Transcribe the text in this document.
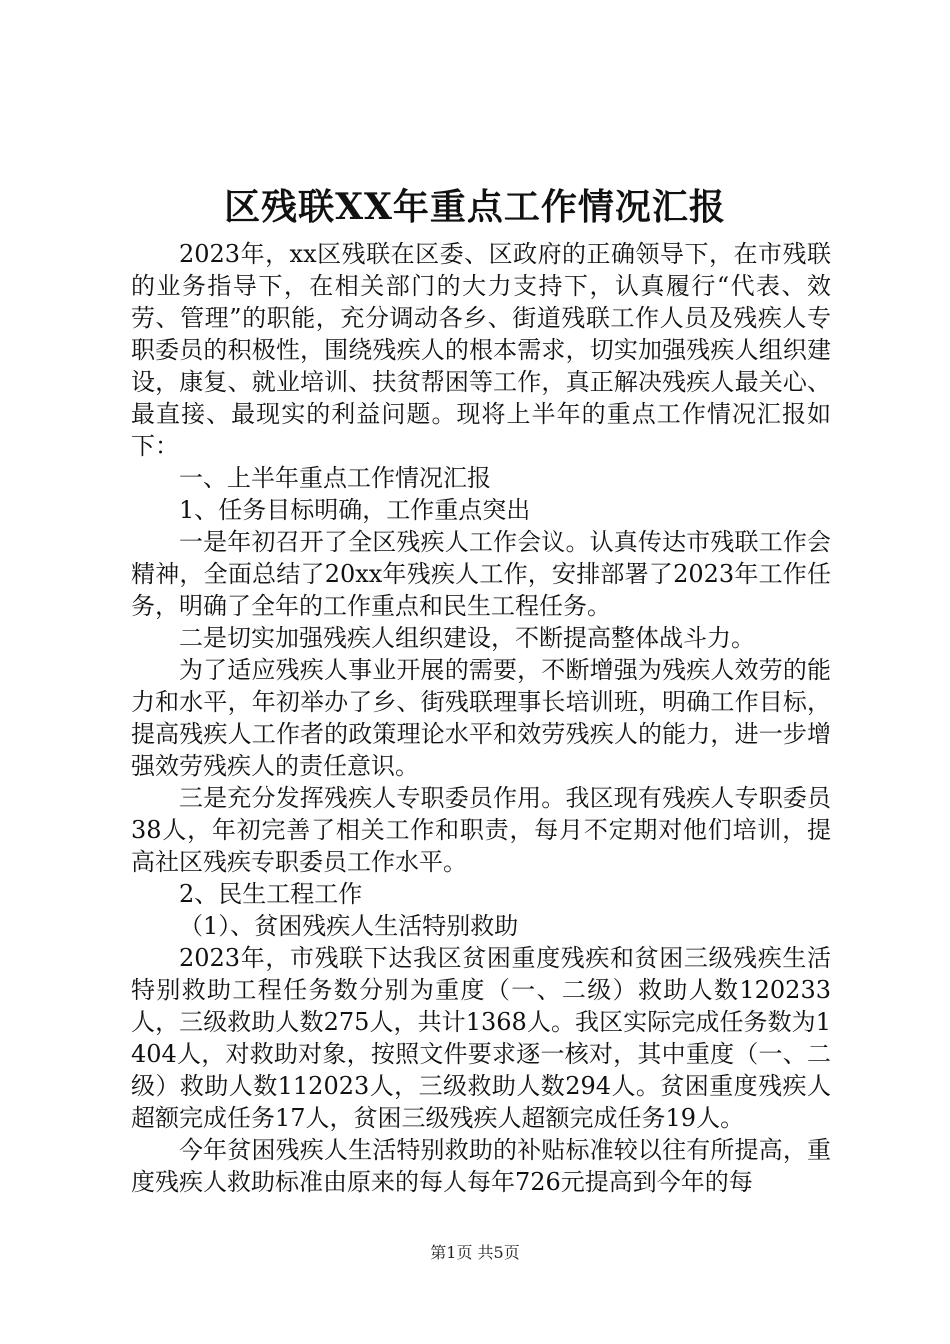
区残联XX年重点工作情况汇报

2023年，xx区残联在区委、区政府的正确领导下，在市残联的业务指导下，在相关部门的大力支持下，认真履行“代表、效劳、管理”的职能，充分调动各乡、街道残联工作人员及残疾人专职委员的积极性，围绕残疾人的根本需求，切实加强残疾人组织建设，康复、就业培训、扶贫帮困等工作，真正解决残疾人最关心、最直接、最现实的利益问题。现将上半年的重点工作情况汇报如下：

一、上半年重点工作情况汇报

1、任务目标明确，工作重点突出

一是年初召开了全区残疾人工作会议。认真传达市残联工作会精神，全面总结了20xx年残疾人工作，安排部署了2023年工作任务，明确了全年的工作重点和民生工程任务。

二是切实加强残疾人组织建设，不断提高整体战斗力。

为了适应残疾人事业开展的需要，不断增强为残疾人效劳的能力和水平，年初举办了乡、街残联理事长培训班，明确工作目标，提高残疾人工作者的政策理论水平和效劳残疾人的能力，进一步增强效劳残疾人的责任意识。

三是充分发挥残疾人专职委员作用。我区现有残疾人专职委员38人，年初完善了相关工作和职责，每月不定期对他们培训，提高社区残疾专职委员工作水平。

2、民生工程工作

（1）、贫困残疾人生活特别救助

2023年，市残联下达我区贫困重度残疾和贫困三级残疾生活特别救助工程任务数分别为重度（一、二级）救助人数120233人，三级救助人数275人，共计1368人。我区实际完成任务数为1404人，对救助对象，按照文件要求逐一核对，其中重度（一、二级）救助人数112023人，三级救助人数294人。贫困重度残疾人超额完成任务17人，贫困三级残疾人超额完成任务19人。

今年贫困残疾人生活特别救助的补贴标准较以往有所提高，重度残疾人救助标准由原来的每人每年726元提高到今年的每

第1页 共5页
